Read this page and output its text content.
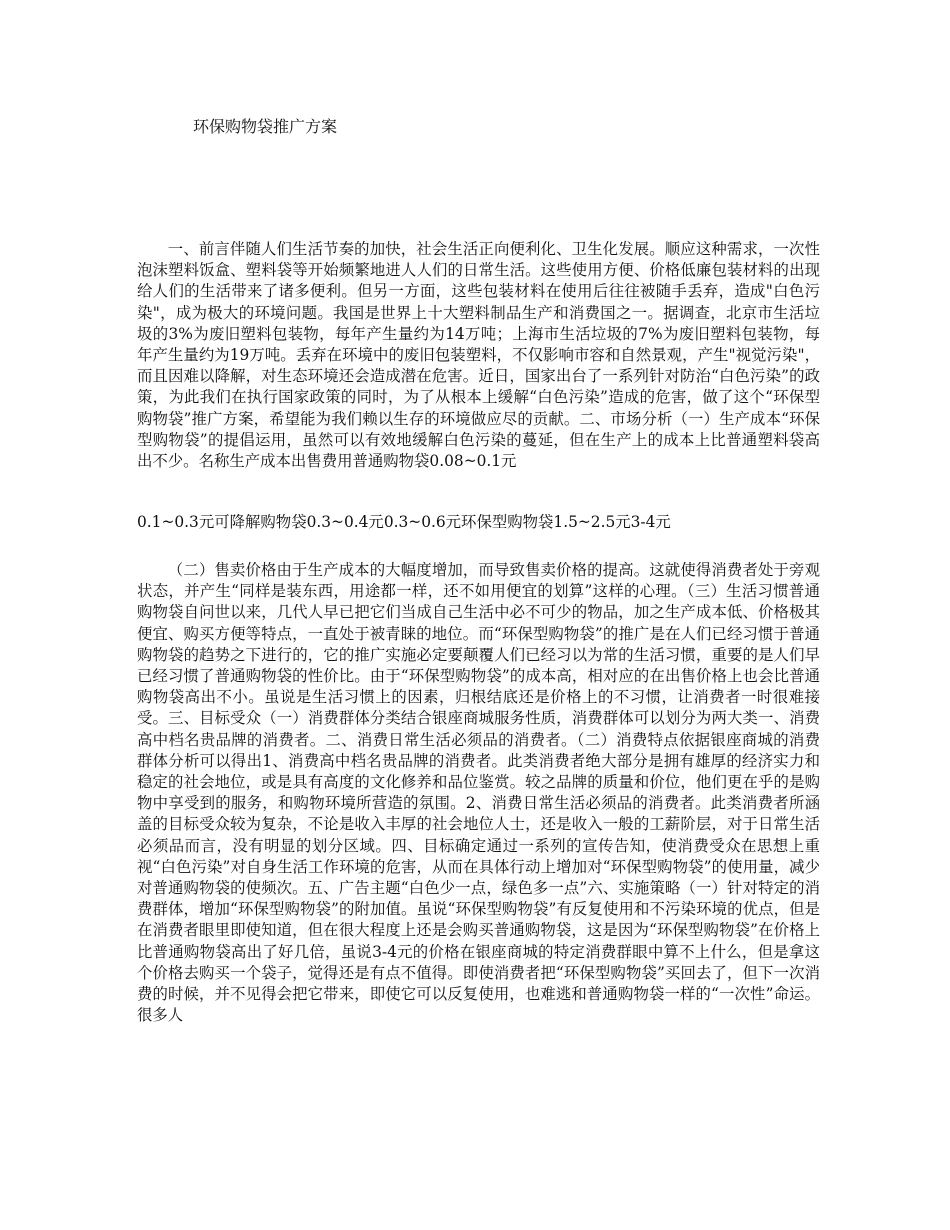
环保购物袋推广方案

一、前言伴随人们生活节奏的加快，社会生活正向便利化、卫生化发展。顺应这种需求，一次性泡沫塑料饭盒、塑料袋等开始频繁地进人人们的日常生活。这些使用方便、价格低廉包装材料的出现给人们的生活带来了诸多便利。但另一方面，这些包装材料在使用后往往被随手丢弃，造成"白色污染"，成为极大的环境问题。我国是世界上十大塑料制品生产和消费国之一。据调查，北京市生活垃圾的3%为废旧塑料包装物，每年产生量约为14万吨；上海市生活垃圾的7%为废旧塑料包装物，每年产生量约为19万吨。丢弃在环境中的废旧包装塑料，不仅影响市容和自然景观，产生"视觉污染"，而且因难以降解，对生态环境还会造成潜在危害。近日，国家出台了一系列针对防治“白色污染”的政策，为此我们在执行国家政策的同时，为了从根本上缓解“白色污染”造成的危害，做了这个“环保型购物袋”推广方案，希望能为我们赖以生存的环境做应尽的贡献。二、市场分析（一）生产成本“环保型购物袋”的提倡运用，虽然可以有效地缓解白色污染的蔓延，但在生产上的成本上比普通塑料袋高出不少。名称生产成本出售费用普通购物袋0.08~0.1元

0.1~0.3元可降解购物袋0.3~0.4元0.3~0.6元环保型购物袋1.5~2.5元3-4元

（二）售卖价格由于生产成本的大幅度增加，而导致售卖价格的提高。这就使得消费者处于旁观状态，并产生“同样是装东西，用途都一样，还不如用便宜的划算”这样的心理。（三）生活习惯普通购物袋自问世以来，几代人早已把它们当成自己生活中必不可少的物品，加之生产成本低、价格极其便宜、购买方便等特点，一直处于被青睐的地位。而“环保型购物袋”的推广是在人们已经习惯于普通购物袋的趋势之下进行的，它的推广实施必定要颠覆人们已经习以为常的生活习惯，重要的是人们早已经习惯了普通购物袋的性价比。由于“环保型购物袋”的成本高，相对应的在出售价格上也会比普通购物袋高出不小。虽说是生活习惯上的因素，归根结底还是价格上的不习惯，让消费者一时很难接受。三、目标受众（一）消费群体分类结合银座商城服务性质，消费群体可以划分为两大类一、消费高中档名贵品牌的消费者。二、消费日常生活必须品的消费者。（二）消费特点依据银座商城的消费群体分析可以得出1、消费高中档名贵品牌的消费者。此类消费者绝大部分是拥有雄厚的经济实力和稳定的社会地位，或是具有高度的文化修养和品位鉴赏。较之品牌的质量和价位，他们更在乎的是购物中享受到的服务，和购物环境所营造的氛围。2、消费日常生活必须品的消费者。此类消费者所涵盖的目标受众较为复杂，不论是收入丰厚的社会地位人士，还是收入一般的工薪阶层，对于日常生活必须品而言，没有明显的划分区域。四、目标确定通过一系列的宣传告知，使消费受众在思想上重视“白色污染”对自身生活工作环境的危害，从而在具体行动上增加对“环保型购物袋”的使用量，减少对普通购物袋的使频次。五、广告主题“白色少一点，绿色多一点”六、实施策略（一）针对特定的消费群体，增加“环保型购物袋”的附加值。虽说“环保型购物袋”有反复使用和不污染环境的优点，但是在消费者眼里即使知道，但在很大程度上还是会购买普通购物袋，这是因为“环保型购物袋”在价格上比普通购物袋高出了好几倍，虽说3-4元的价格在银座商城的特定消费群眼中算不上什么，但是拿这个价格去购买一个袋子，觉得还是有点不值得。即使消费者把“环保型购物袋”买回去了，但下一次消费的时候，并不见得会把它带来，即使它可以反复使用，也难逃和普通购物袋一样的“一次性”命运。很多人
